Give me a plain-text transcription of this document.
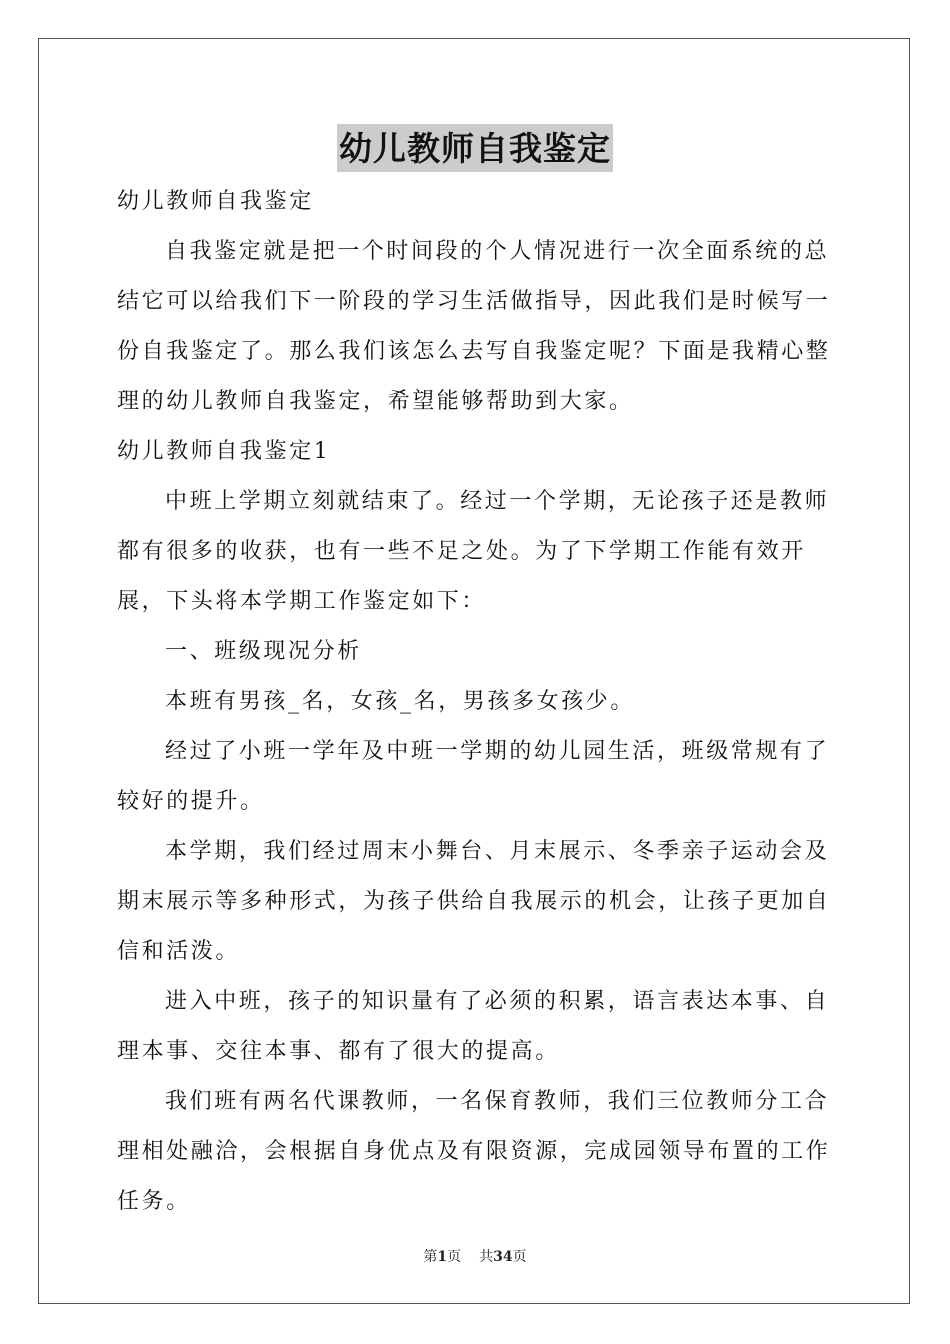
幼儿教师自我鉴定

幼儿教师自我鉴定

自我鉴定就是把一个时间段的个人情况进行一次全面系统的总结它可以给我们下一阶段的学习生活做指导，因此我们是时候写一份自我鉴定了。那么我们该怎么去写自我鉴定呢？下面是我精心整理的幼儿教师自我鉴定，希望能够帮助到大家。

幼儿教师自我鉴定1

中班上学期立刻就结束了。经过一个学期，无论孩子还是教师都有很多的收获，也有一些不足之处。为了下学期工作能有效开展，下头将本学期工作鉴定如下：

一、班级现况分析

本班有男孩_名，女孩_名，男孩多女孩少。

经过了小班一学年及中班一学期的幼儿园生活，班级常规有了较好的提升。

本学期，我们经过周末小舞台、月末展示、冬季亲子运动会及期末展示等多种形式，为孩子供给自我展示的机会，让孩子更加自信和活泼。

进入中班，孩子的知识量有了必须的积累，语言表达本事、自理本事、交往本事、都有了很大的提高。

我们班有两名代课教师，一名保育教师，我们三位教师分工合理相处融洽，会根据自身优点及有限资源，完成园领导布置的工作任务。

第1页 共34页
